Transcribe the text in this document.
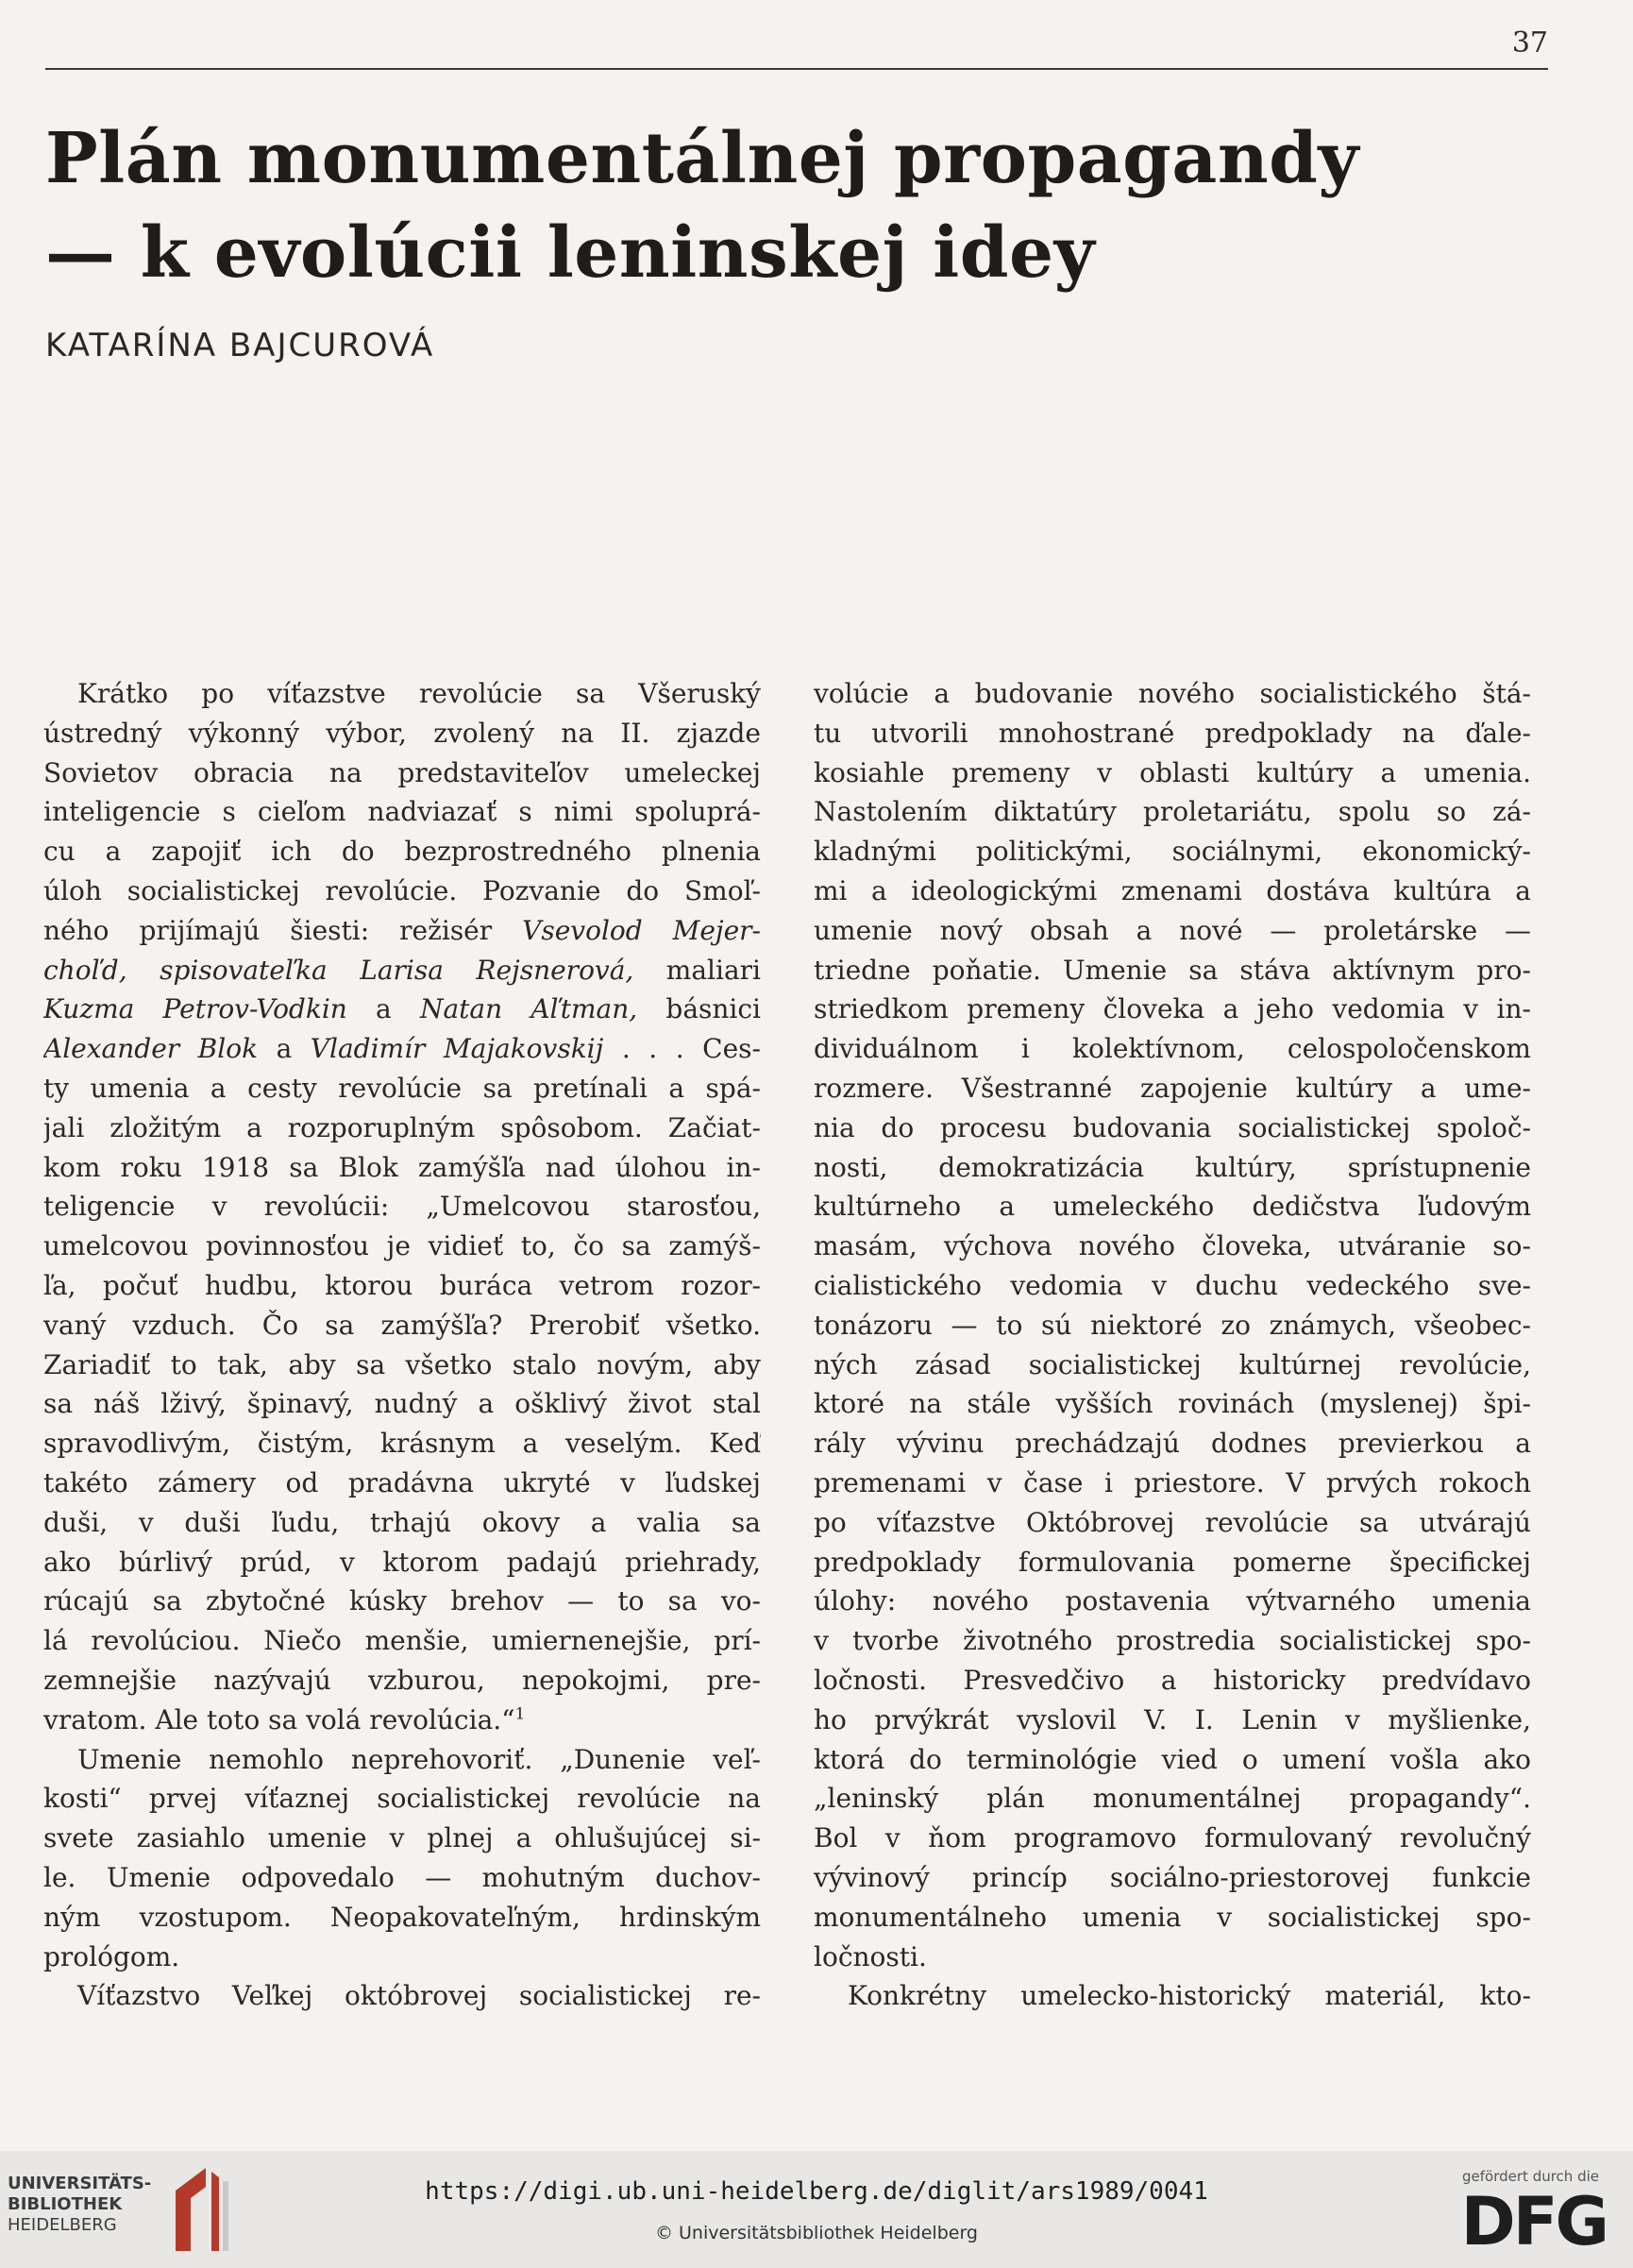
37
Plán monumentálnej propagandy
— k evolúcii leninskej idey
KATARÍNA BAJCUROVÁ
Krátko po víťazstve revolúcie sa Všeruský
ústredný výkonný výbor, zvolený na II. zjazde
Sovietov obracia na predstaviteľov umeleckej
inteligencie s cieľom nadviazať s nimi spoluprá-
cu a zapojiť ich do bezprostredného plnenia
úloh socialistickej revolúcie. Pozvanie do Smoľ-
ného prijímajú šiesti: režisér Vsevolod Mejer-
choľd, spisovateľka Larisa Rejsnerová, maliari
Kuzma Petrov-Vodkin a Natan Aľtman, básnici
Alexander Blok a Vladimír Majakovskij . . . Ces-
ty umenia a cesty revolúcie sa pretínali a spá-
jali zložitým a rozporuplným spôsobom. Začiat-
kom roku 1918 sa Blok zamýšľa nad úlohou in-
teligencie v revolúcii: „Umelcovou starosťou,
umelcovou povinnosťou je vidieť to, čo sa zamýš-
ľa, počuť hudbu, ktorou burácа vetrom rozor-
vaný vzduch. Čo sa zamýšľa? Prerobiť všetko.
Zariadiť to tak, aby sa všetko stalo novým, aby
sa náš lživý, špinavý, nudný a ošklivý život stal
spravodlivým, čistým, krásnym a veselým. Keď
takéto zámery od pradávna ukryté v ľudskej
duši, v duši ľudu, trhajú okovy a valia sa
ako búrlivý prúd, v ktorom padajú priehrady,
rúcajú sa zbytočné kúsky brehov — to sa vo-
lá revolúciou. Niečo menšie, umiernenejšie, prí-
zemnejšie nazývajú vzburou, nepokojmi, pre-
vratom. Ale toto sa volá revolúcia.“$^1$
Umenie nemohlo neprehovoriť. „Dunenie veľ-
kosti“ prvej víťaznej socialistickej revolúcie na
svete zasiahlo umenie v plnej a ohlušujúcej si-
le. Umenie odpovedalo — mohutným duchov-
ným vzostupom. Neopakovateľným, hrdinským
prológom.
Víťazstvo Veľkej októbrovej socialistickej re-
volúcie a budovanie nového socialistického štá-
tu utvorili mnohostrané predpoklady na ďale-
kosiahle premeny v oblasti kultúry a umenia.
Nastolením diktatúry proletariátu, spolu so zá-
kladnými politickými, sociálnymi, ekonomický-
mi a ideologickými zmenami dostáva kultúra a
umenie nový obsah a nové — proletárske —
triedne poňatie. Umenie sa stáva aktívnym pro-
striedkom premeny človeka a jeho vedomia v in-
dividuálnom i kolektívnom, celospoločenskom
rozmere. Všestranné zapojenie kultúry a ume-
nia do procesu budovania socialistickej spoloč-
nosti, demokratizácia kultúry, sprístupnenie
kultúrneho a umeleckého dedičstva ľudovým
masám, výchova nového človeka, utváranie so-
cialistického vedomia v duchu vedeckého sve-
tonázoru — to sú niektoré zo známych, všeobec-
ných zásad socialistickej kultúrnej revolúcie,
ktoré na stále vyšších rovinách (myslenej) špi-
rály vývinu prechádzajú dodnes previerkou a
premenami v čase i priestore. V prvých rokoch
po víťazstve Októbrovej revolúcie sa utvárajú
predpoklady formulovania pomerne špecifickej
úlohy: nového postavenia výtvarného umenia
v tvorbe životného prostredia socialistickej spo-
ločnosti. Presvedčivo a historicky predvídavo
ho prvýkrát vyslovil V. I. Lenin v myšlienke,
ktorá do terminológie vied o umení vošla ako
„leninský plán monumentálnej propagandy“.
Bol v ňom programovo formulovaný revolučný
vývinový princíp sociálno-priestorovej funkcie
monumentálneho umenia v socialistickej spo-
ločnosti.
Konkrétny umelecko-historický materiál, kto-
UNIVERSITÄTS-
BIBLIOTHEK
HEIDELBERG
https://digi.ub.uni-heidelberg.de/diglit/ars1989/0041
© Universitätsbibliothek Heidelberg
gefördert durch die
DFG
